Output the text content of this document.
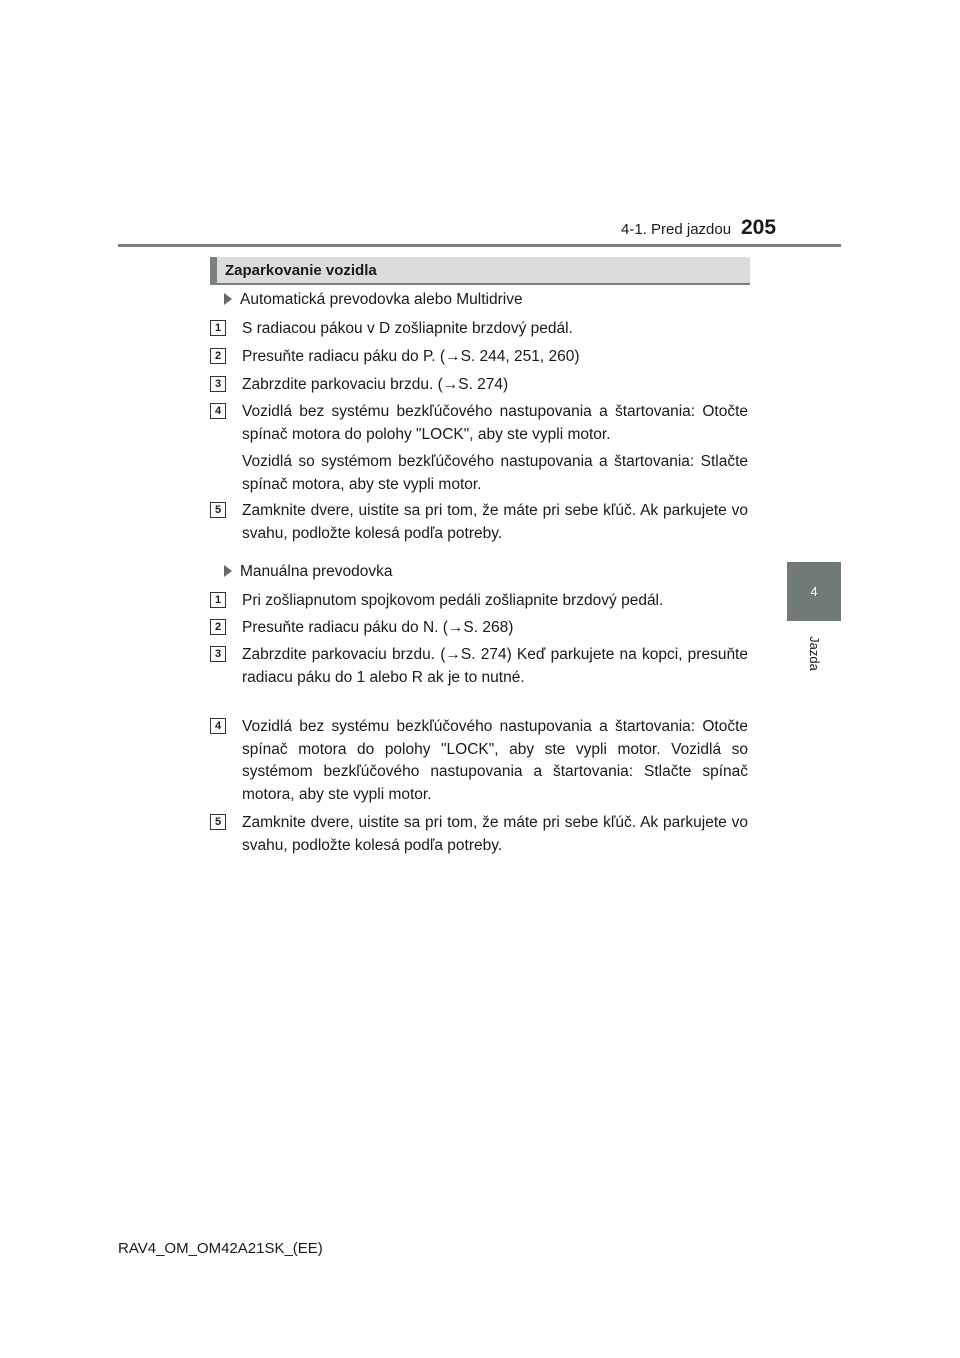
4-1. Pred jazdou 205
4
Jazda
Zaparkovanie vozidla
Automatická prevodovka alebo Multidrive
1	S radiacou pákou v D zošliapnite brzdový pedál.
2	Presuňte radiacu páku do P. (→S. 244, 251, 260)
3	Zabrzdite parkovaciu brzdu. (→S. 274)
4	Vozidlá bez systému bezkľúčového nastupovania a štartovania: Otočte spínač motora do polohy "LOCK", aby ste vypli motor.
Vozidlá so systémom bezkľúčového nastupovania a štartovania: Stlačte spínač motora, aby ste vypli motor.
5	Zamknite dvere, uistite sa pri tom, že máte pri sebe kľúč. Ak parkujete vo svahu, podložte kolesá podľa potreby.
Manuálna prevodovka
1	Pri zošliapnutom spojkovom pedáli zošliapnite brzdový pedál.
2	Presuňte radiacu páku do N. (→S. 268)
3	Zabrzdite parkovaciu brzdu. (→S. 274) Keď parkujete na kopci, presuňte radiacu páku do 1 alebo R ak je to nutné.
4	Vozidlá bez systému bezkľúčového nastupovania a štartovania: Otočte spínač motora do polohy "LOCK", aby ste vypli motor. Vozidlá so systémom bezkľúčového nastupovania a štartovania: Stlačte spínač motora, aby ste vypli motor.
5	Zamknite dvere, uistite sa pri tom, že máte pri sebe kľúč. Ak parkujete vo svahu, podložte kolesá podľa potreby.
RAV4_OM_OM42A21SK_(EE)
